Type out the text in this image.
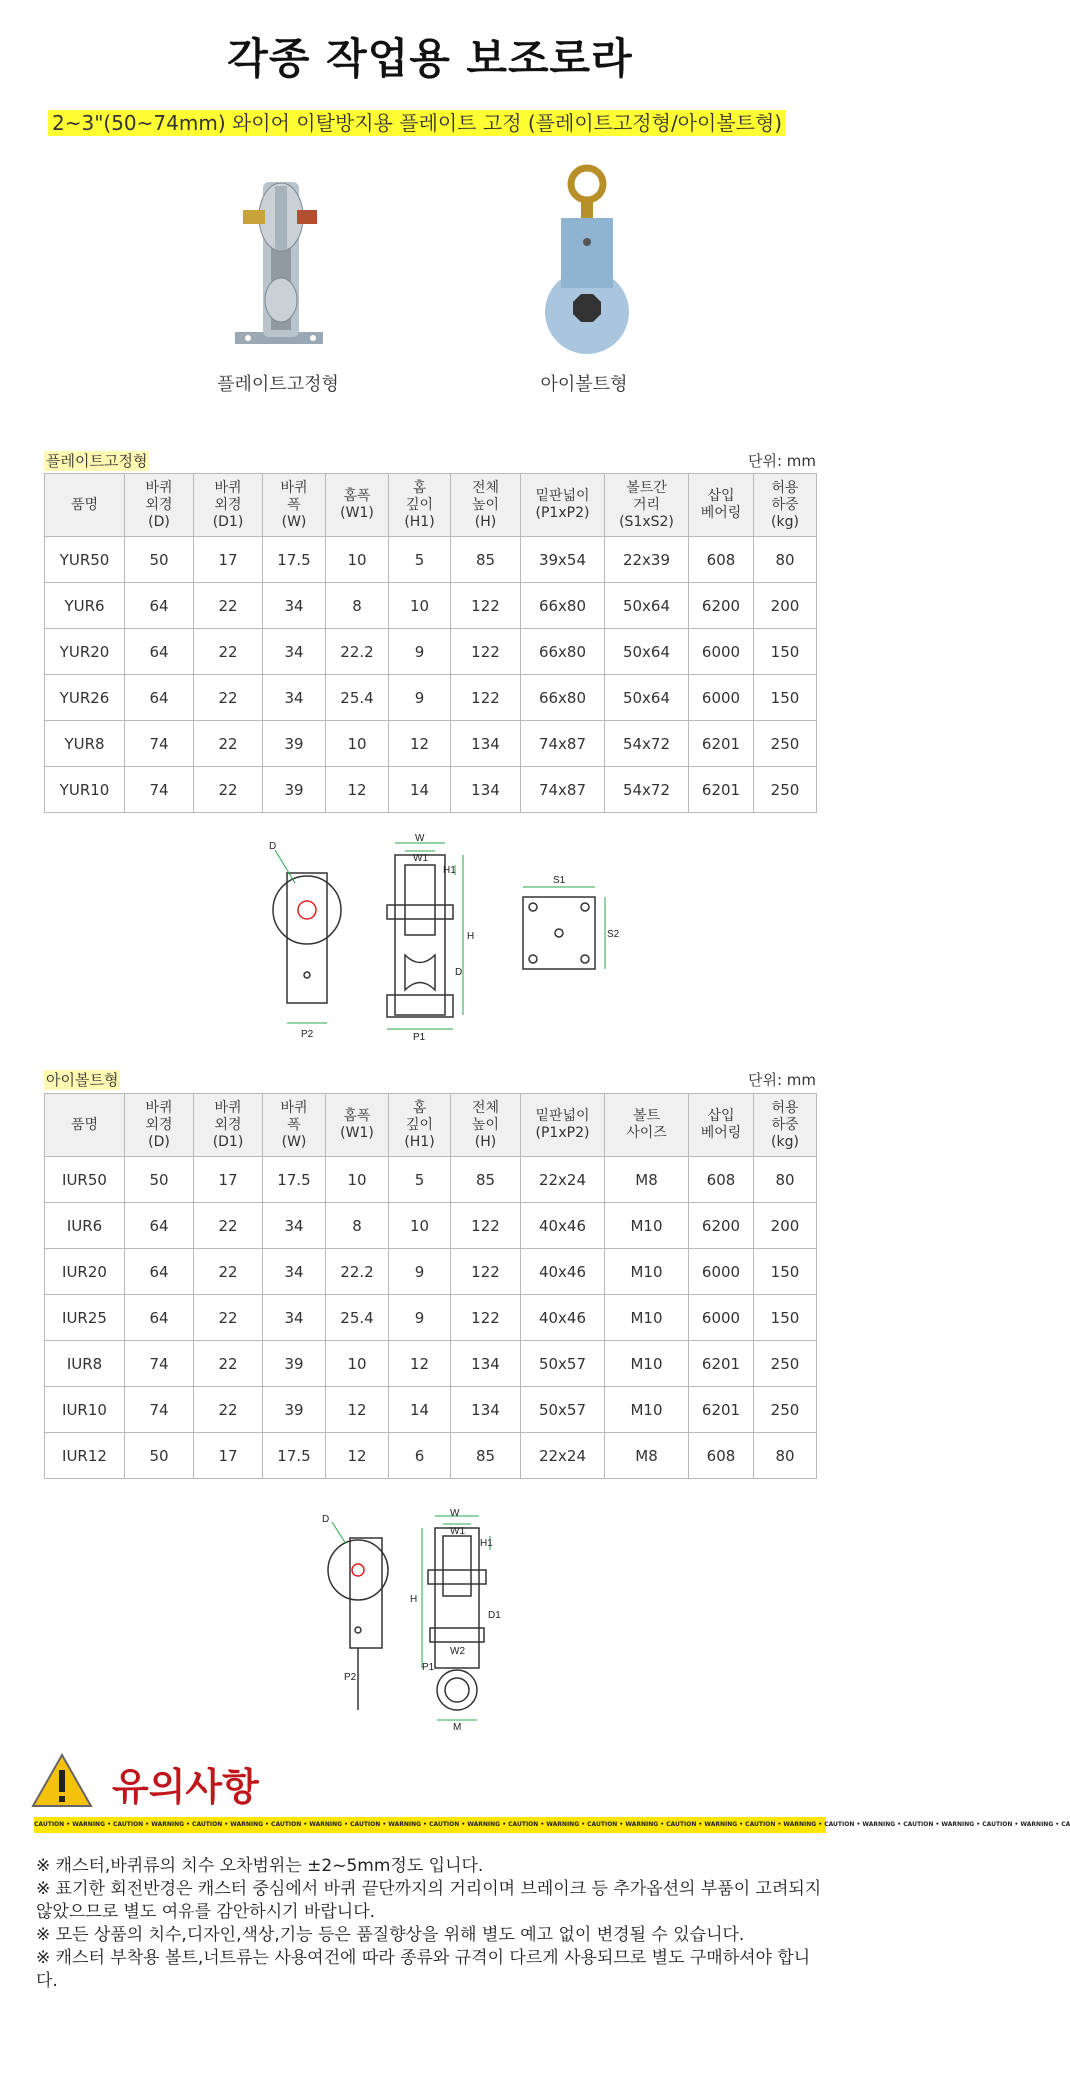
각종 작업용 보조로라
2~3"(50~74mm) 와이어 이탈방지용 플레이트 고정 (플레이트고정형/아이볼트형)
플레이트고정형	아이볼트형
플레이트고정형	단위: mm
품명	바퀴
외경
(D)	바퀴
외경
(D1)	바퀴
폭
(W)	홈폭
(W1)	홈
깊이
(H1)	전체
높이
(H)	밑판넓이
(P1xP2)	볼트간
거리
(S1xS2)	삽입
베어링	허용
하중
(kg)
YUR50	50	17	17.5	10	5	85	39x54	22x39	608	80
YUR6	64	22	34	8	10	122	66x80	50x64	6200	200
YUR20	64	22	34	22.2	9	122	66x80	50x64	6000	150
YUR26	64	22	34	25.4	9	122	66x80	50x64	6000	150
YUR8	74	22	39	10	12	134	74x87	54x72	6201	250
YUR10	74	22	39	12	14	134	74x87	54x72	6201	250
D
P2
W
W1
H1
H
D
P1
S1
S2
아이볼트형	단위: mm
품명	바퀴
외경
(D)	바퀴
외경
(D1)	바퀴
폭
(W)	홈폭
(W1)	홈
깊이
(H1)	전체
높이
(H)	밑판넓이
(P1xP2)	볼트
사이즈	삽입
베어링	허용
하중
(kg)
IUR50	50	17	17.5	10	5	85	22x24	M8	608	80
IUR6	64	22	34	8	10	122	40x46	M10	6200	200
IUR20	64	22	34	22.2	9	122	40x46	M10	6000	150
IUR25	64	22	34	25.4	9	122	40x46	M10	6000	150
IUR8	74	22	39	10	12	134	50x57	M10	6201	250
IUR10	74	22	39	12	14	134	50x57	M10	6201	250
IUR12	50	17	17.5	12	6	85	22x24	M8	608	80
D
W
W1
H1
H
D1
W2
P1
P2
M
유의사항
CAUTION • WARNING • CAUTION • WARNING • CAUTION • WARNING • CAUTION • WARNING • CAUTION • WARNING • CAUTION • WARNING • CAUTION • WARNING • CAUTION • WARNING • CAUTION • WARNING • CAUTION • WARNING • CAUTION • WARNING • CAUTION • WARNING • CAUTION • WARNING • CA

※ 캐스터,바퀴류의 치수 오차범위는 ±2~5mm정도 입니다.

※ 표기한 회전반경은 캐스터 중심에서 바퀴 끝단까지의 거리이며 브레이크 등 추가옵션의 부품이 고려되지 않았으므로 별도 여유를 감안하시기 바랍니다.

※ 모든 상품의 치수,디자인,색상,기능 등은 품질향상을 위해 별도 예고 없이 변경될 수 있습니다.

※ 캐스터 부착용 볼트,너트류는 사용여건에 따라 종류와 규격이 다르게 사용되므로 별도 구매하셔야 합니다.
